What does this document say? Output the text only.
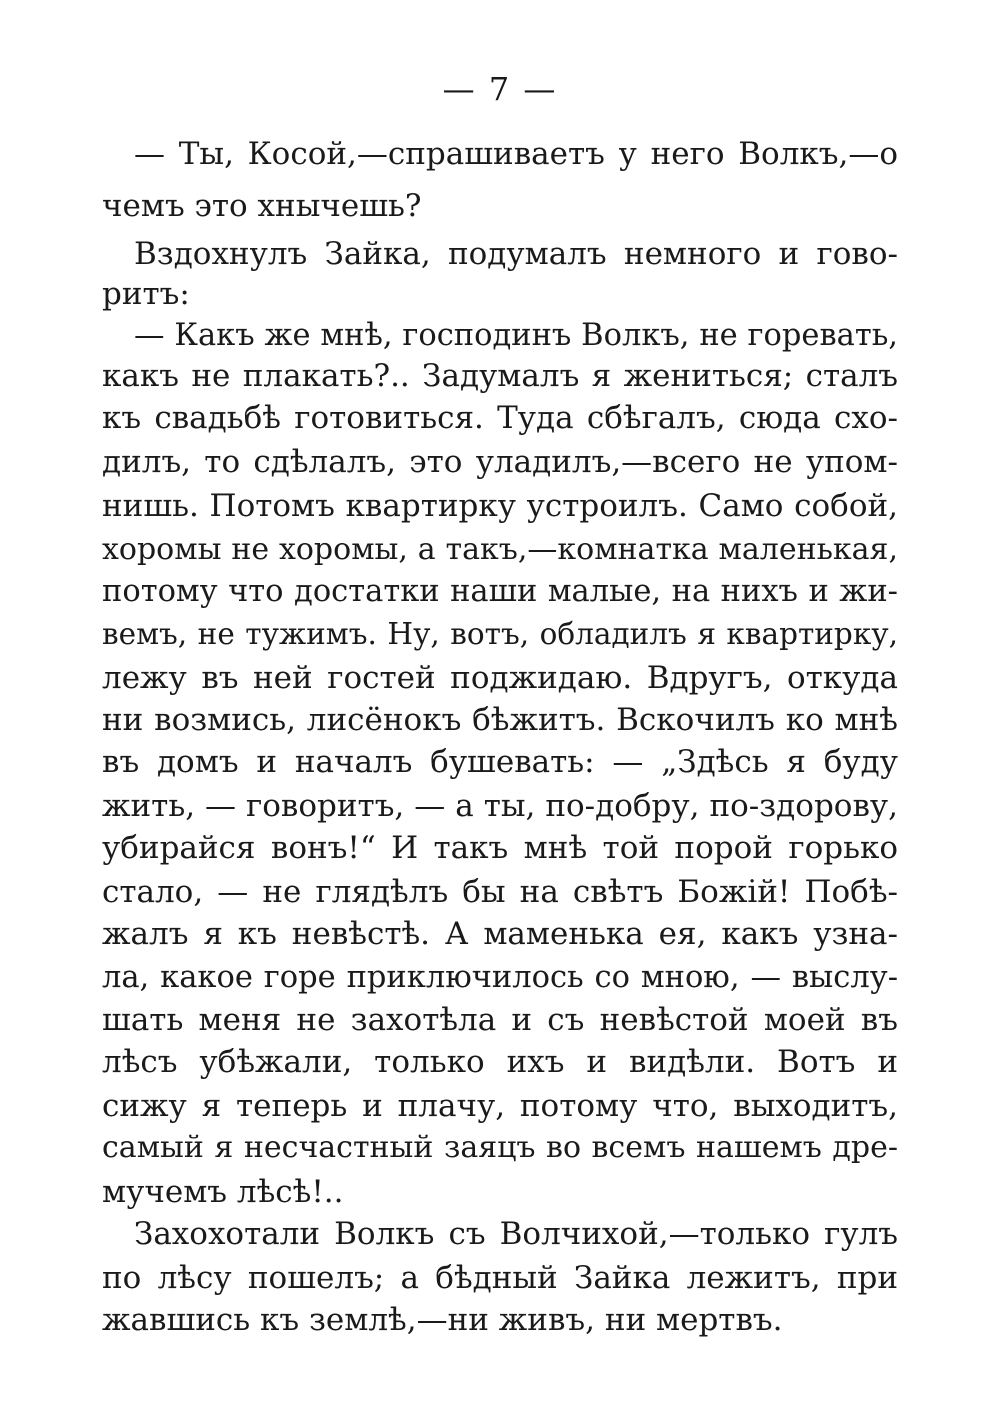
— 7 —
— Ты, Косой,—спрашиваетъ у него Волкъ,—о
чемъ это хнычешь?
Вздохнулъ Зайка, подумалъ немного и гово-
ритъ:
— Какъ же мнѣ, господинъ Волкъ, не горевать,
какъ не плакать?.. Задумалъ я жениться; сталъ
къ свадьбѣ готовиться. Туда сбѣгалъ, сюда схо-
дилъ, то сдѣлалъ, это уладилъ,—всего не упом-
нишь. Потомъ квартирку устроилъ. Само собой,
хоромы не хоромы, а такъ,—комнатка маленькая,
потому что достатки наши малые, на нихъ и жи-
вемъ, не тужимъ. Ну, вотъ, обладилъ я квартирку,
лежу въ ней гостей поджидаю. Вдругъ, откуда
ни возмись, лисёнокъ бѣжитъ. Вскочилъ ко мнѣ
въ домъ и началъ бушевать: — „Здѣсь я буду
жить, — говоритъ, — а ты, по-добру, по-здорову,
убирайся вонъ!“ И такъ мнѣ той порой горько
стало, — не глядѣлъ бы на свѣтъ Божій! Побѣ-
жалъ я къ невѣстѣ. А маменька ея, какъ узна-
ла, какое горе приключилось со мною, — выслу-
шать меня не захотѣла и съ невѣстой моей въ
лѣсъ убѣжали, только ихъ и видѣли. Вотъ и
сижу я теперь и плачу, потому что, выходитъ,
самый я несчастный заяцъ во всемъ нашемъ дре-
мучемъ лѣсѣ!..
Захохотали Волкъ съ Волчихой,—только гулъ
по лѣсу пошелъ; а бѣдный Зайка лежитъ, при
жавшись къ землѣ,—ни живъ, ни мертвъ.
